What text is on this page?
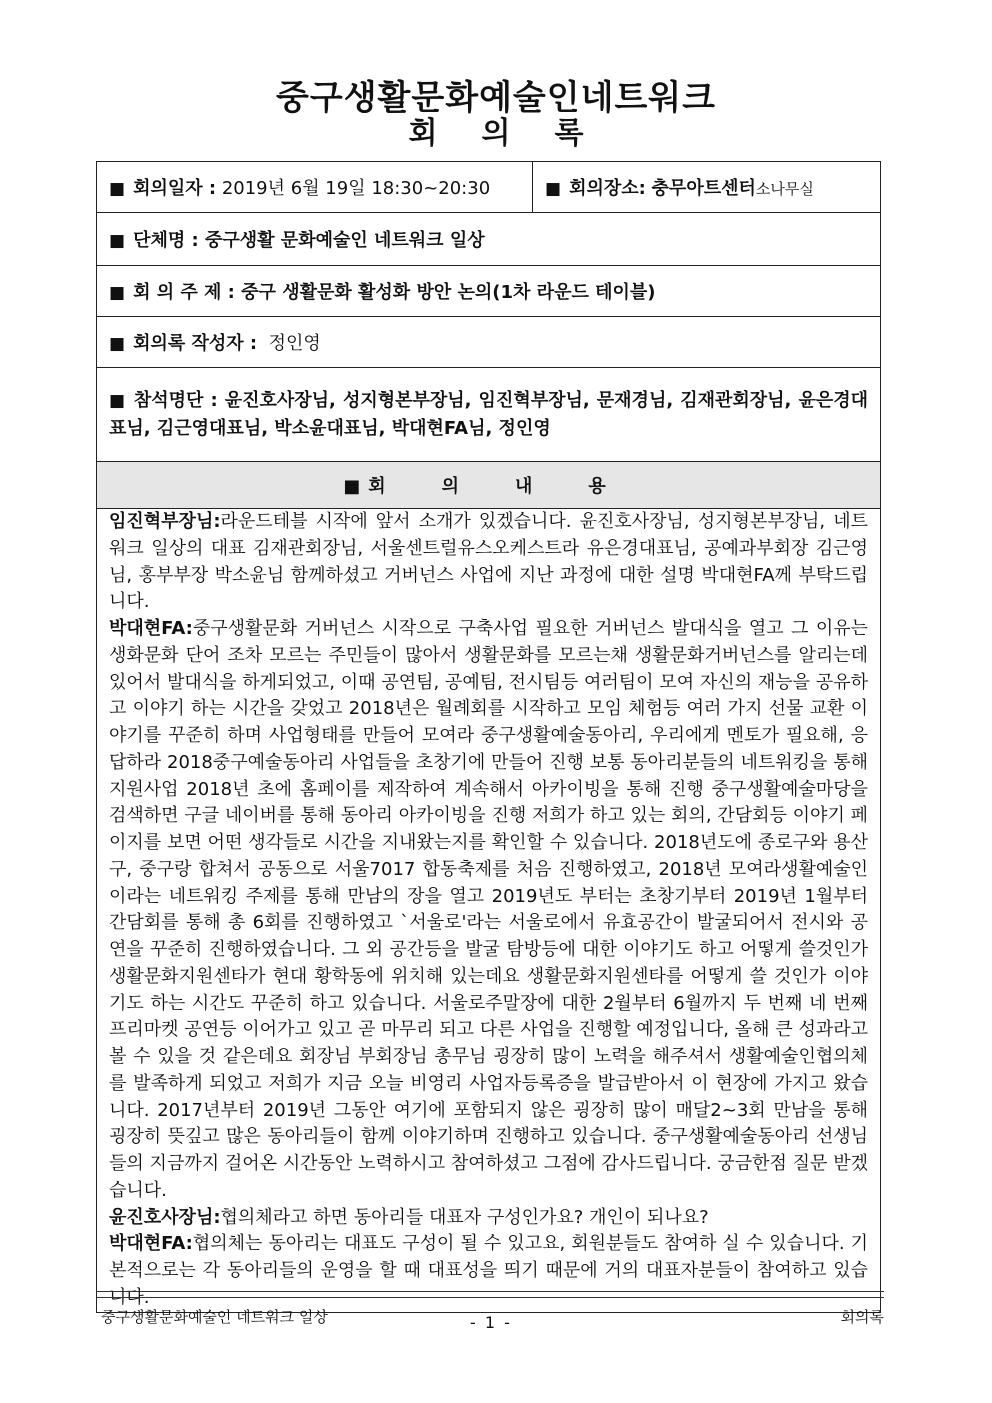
중구생활문화예술인네트워크
회의록
■ 회의일자 : 2019년 6월 19일 18:30~20:30	■ 회의장소: 충무아트센터소나무실
■ 단체명 : 중구생활 문화예술인 네트워크 일상
■ 회 의 주 제 : 중구 생활문화 활성화 방안 논의(1차 라운드 테이블)
■ 회의록 작성자 : 정인영
■ 참석명단 : 윤진호사장님, 성지형본부장님, 임진혁부장님, 문재경님, 김재관회장님, 윤은경대표님, 김근영대표님, 박소윤대표님, 박대현FA님, 정인영
■ 회	의	내	용

임진혁부장님:라운드테블 시작에 앞서 소개가 있겠습니다. 윤진호사장님, 성지형본부장님, 네트워크 일상의 대표 김재관회장님, 서울센트럴유스오케스트라 유은경대표님, 공예과부회장 김근영님, 홍부부장 박소윤님 함께하셨고 거버넌스 사업에 지난 과정에 대한 설명 박대현FA께 부탁드립니다.

박대현FA:중구생활문화 거버넌스 시작으로 구축사업 필요한 거버넌스 발대식을 열고 그 이유는 생화문화 단어 조차 모르는 주민들이 많아서 생활문화를 모르는채 생활문화거버넌스를 알리는데 있어서 발대식을 하게되었고, 이때 공연팀, 공예팀, 전시팀등 여러팀이 모여 자신의 재능을 공유하고 이야기 하는 시간을 갖었고 2018년은 월례회를 시작하고 모임 체험등 여러 가지 선물 교환 이야기를 꾸준히 하며 사업형태를 만들어 모여라 중구생활예술동아리, 우리에게 멘토가 필요해, 응답하라 2018중구예술동아리 사업들을 초창기에 만들어 진행 보통 동아리분들의 네트워킹을 통해 지원사업 2018년 초에 홈페이를 제작하여 계속해서 아카이빙을 통해 진행 중구생활예술마당을 검색하면 구글 네이버를 통해 동아리 아카이빙을 진행 저희가 하고 있는 회의, 간담회등 이야기 페이지를 보면 어떤 생각들로 시간을 지내왔는지를 확인할 수 있습니다. 2018년도에 종로구와 용산구, 중구랑 합쳐서 공동으로 서울7017 합동축제를 처음 진행하였고, 2018년 모여라생활예술인이라는 네트워킹 주제를 통해 만남의 장을 열고 2019년도 부터는 초창기부터 2019년 1월부터 간담회를 통해 총 6회를 진행하였고 `서울로'라는 서울로에서 유효공간이 발굴되어서 전시와 공연을 꾸준히 진행하였습니다. 그 외 공간등을 발굴 탐방등에 대한 이야기도 하고 어떻게 쓸것인가 생활문화지원센타가 현대 황학동에 위치해 있는데요 생활문화지원센타를 어떻게 쓸 것인가 이야기도 하는 시간도 꾸준히 하고 있습니다. 서울로주말장에 대한 2월부터 6월까지 두 번째 네 번째 프리마켓 공연등 이어가고 있고 곧 마무리 되고 다른 사업을 진행할 예정입니다, 올해 큰 성과라고 볼 수 있을 것 같은데요 회장님 부회장님 총무님 굉장히 많이 노력을 해주셔서 생활예술인협의체를 발족하게 되었고 저희가 지금 오늘 비영리 사업자등록증을 발급받아서 이 현장에 가지고 왔습니다. 2017년부터 2019년 그동안 여기에 포함되지 않은 굉장히 많이 매달2~3회 만남을 통해 굉장히 뜻깊고 많은 동아리들이 함께 이야기하며 진행하고 있습니다. 중구생활예술동아리 선생님들의 지금까지 걸어온 시간동안 노력하시고 참여하셨고 그점에 감사드립니다. 궁금한점 질문 받겠습니다.

윤진호사장님:협의체라고 하면 동아리들 대표자 구성인가요? 개인이 되나요?

박대현FA:협의체는 동아리는 대표도 구성이 될 수 있고요, 회원분들도 참여하 실 수 있습니다. 기본적으로는 각 동아리들의 운영을 할 때 대표성을 띄기 때문에 거의 대표자분들이 참여하고 있습니다.

중구생활문화예술인 네트워크 일상	- 1 -	회의록
